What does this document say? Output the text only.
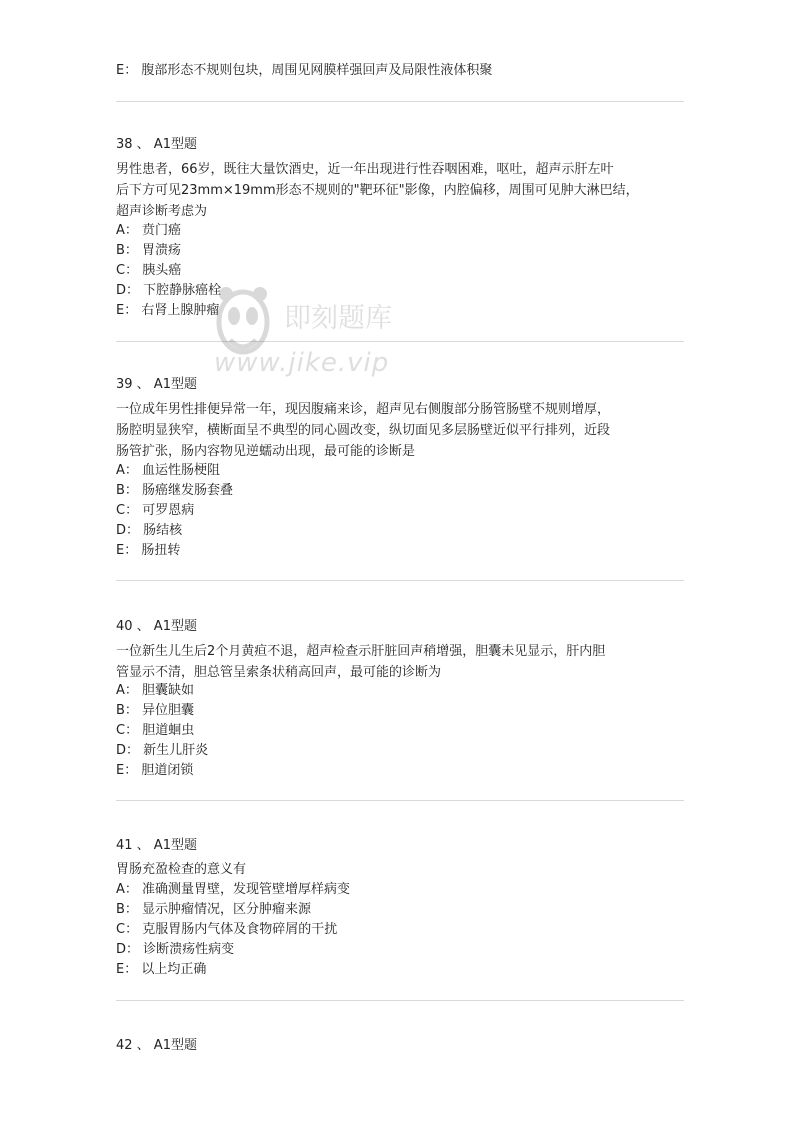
E： 腹部形态不规则包块，周围见网膜样强回声及局限性液体积聚
38 、 A1型题
男性患者，66岁，既往大量饮酒史，近一年出现进行性吞咽困难，呕吐，超声示肝左叶
后下方可见23mm×19mm形态不规则的"靶环征"影像，内腔偏移，周围可见肿大淋巴结，
超声诊断考虑为
A： 贲门癌
B： 胃溃疡
C： 胰头癌
D： 下腔静脉癌栓
E： 右肾上腺肿瘤
39 、 A1型题
一位成年男性排便异常一年，现因腹痛来诊，超声见右侧腹部分肠管肠壁不规则增厚，
肠腔明显狭窄，横断面呈不典型的同心圆改变，纵切面见多层肠壁近似平行排列，近段
肠管扩张，肠内容物见逆蠕动出现，最可能的诊断是
A： 血运性肠梗阻
B： 肠癌继发肠套叠
C： 可罗恩病
D： 肠结核
E： 肠扭转
40 、 A1型题
一位新生儿生后2个月黄疸不退，超声检查示肝脏回声稍增强，胆囊未见显示，肝内胆
管显示不清，胆总管呈索条状稍高回声，最可能的诊断为
A： 胆囊缺如
B： 异位胆囊
C： 胆道蛔虫
D： 新生儿肝炎
E： 胆道闭锁
41 、 A1型题
胃肠充盈检查的意义有
A： 准确测量胃壁，发现管壁增厚样病变
B： 显示肿瘤情况，区分肿瘤来源
C： 克服胃肠内气体及食物碎屑的干扰
D： 诊断溃疡性病变
E： 以上均正确
42 、 A1型题
即刻题库
www.jike.vip
